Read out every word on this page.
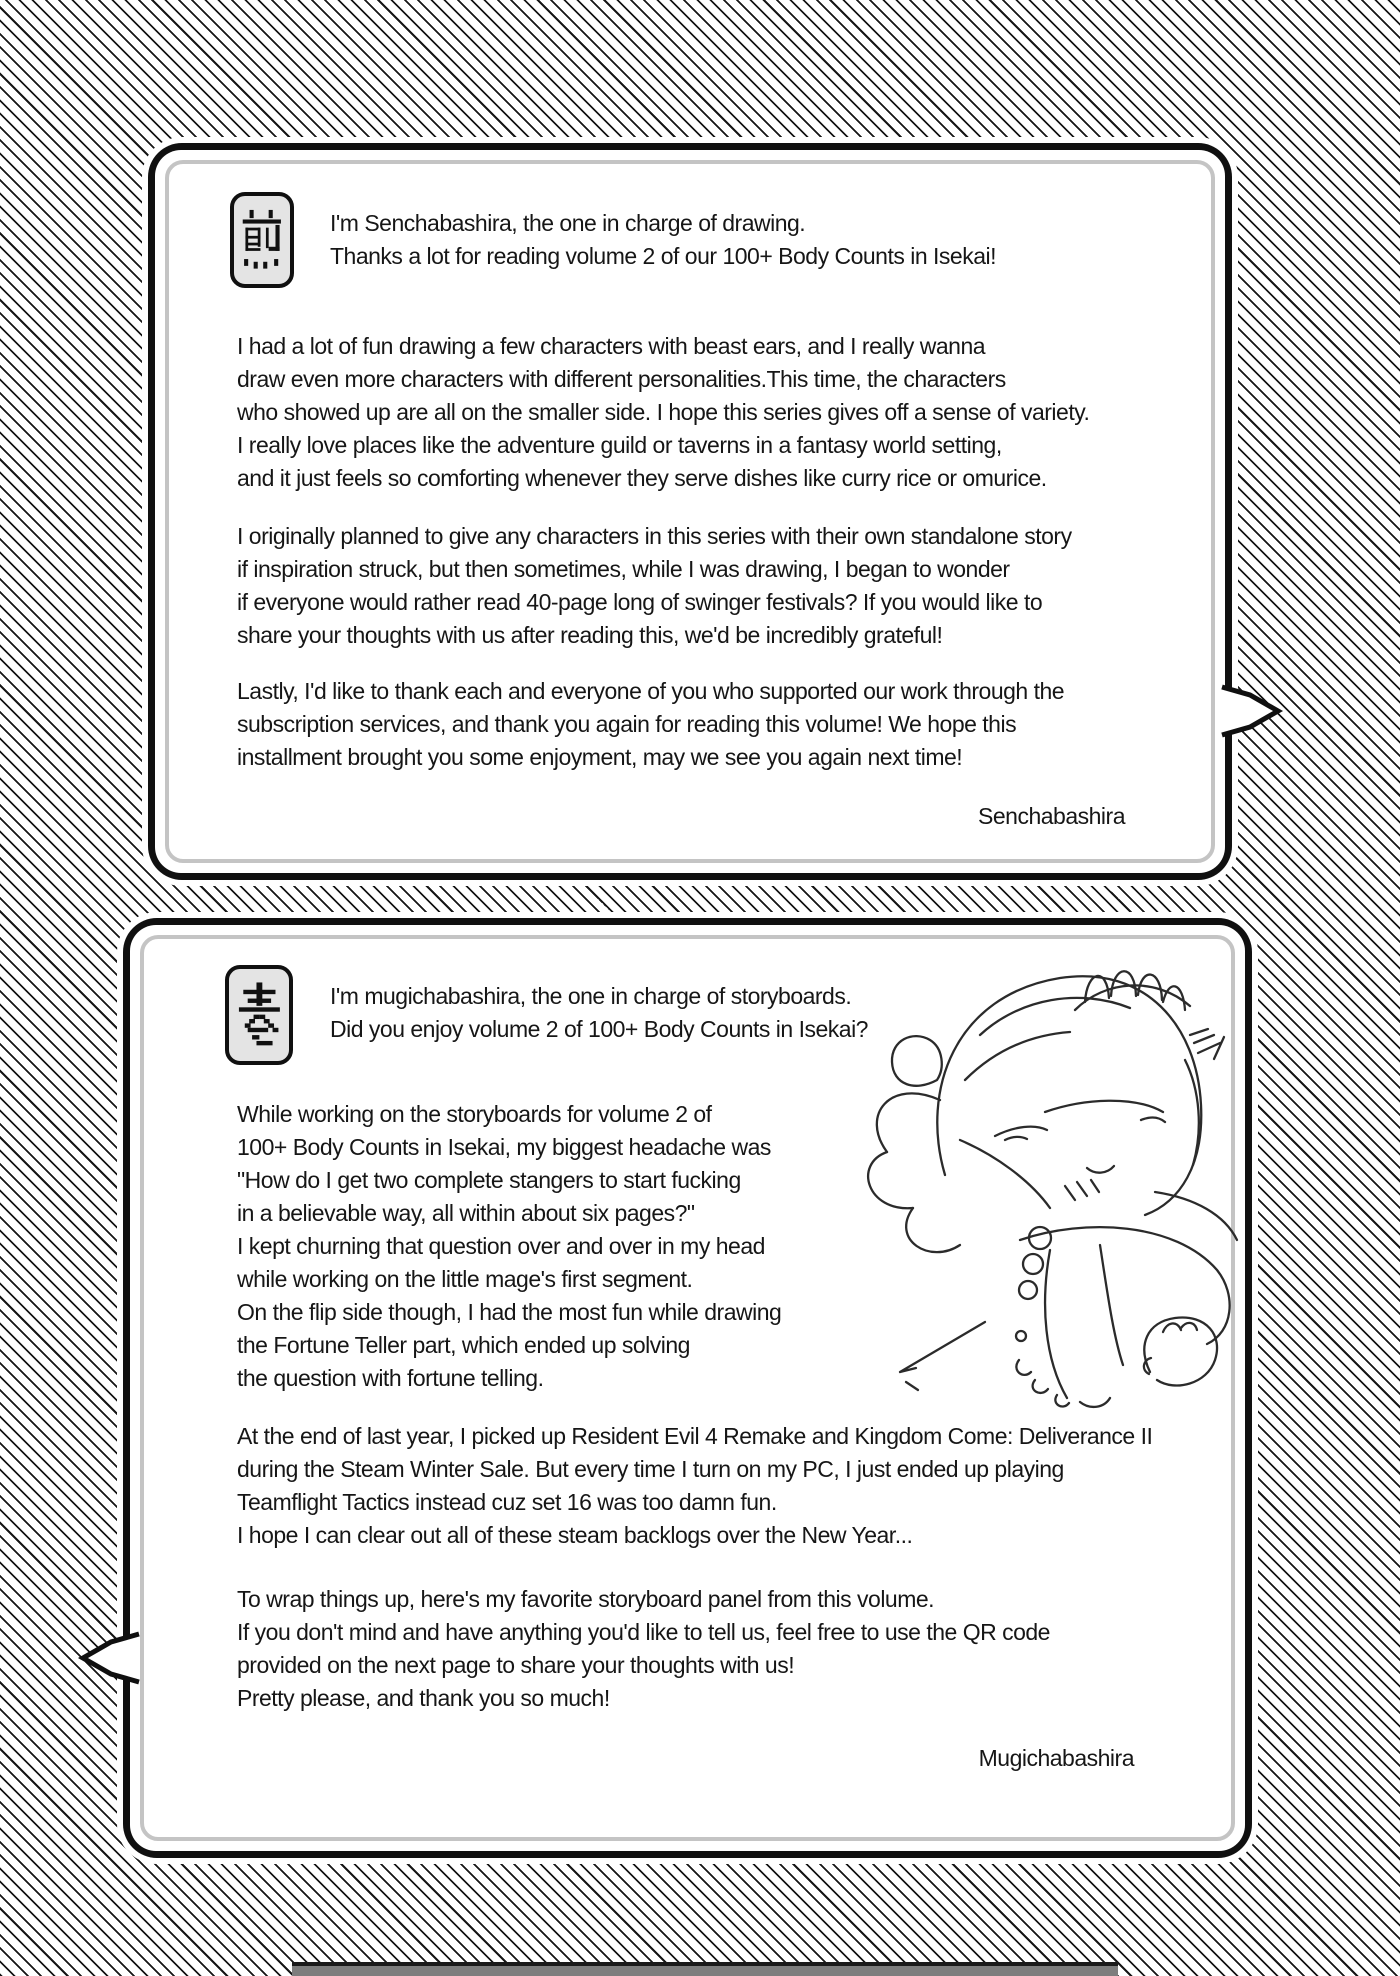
I'm Senchabashira, the one in charge of drawing.
Thanks a lot for reading volume 2 of our 100+ Body Counts in Isekai!
I had a lot of fun drawing a few characters with beast ears, and I really wanna
draw even more characters with different personalities.This time, the characters
who showed up are all on the smaller side. I hope this series gives off a sense of variety.
I really love places like the adventure guild or taverns in a fantasy world setting,
and it just feels so comforting whenever they serve dishes like curry rice or omurice.
I originally planned to give any characters in this series with their own standalone story
if inspiration struck, but then sometimes, while I was drawing, I began to wonder
if everyone would rather read 40-page long of swinger festivals? If you would like to
share your thoughts with us after reading this, we'd be incredibly grateful!
Lastly, I'd like to thank each and everyone of you who supported our work through the
subscription services, and thank you again for reading this volume! We hope this
installment brought you some enjoyment, may we see you again next time!
Senchabashira
I'm mugichabashira, the one in charge of storyboards.
Did you enjoy volume 2 of 100+ Body Counts in Isekai?
While working on the storyboards for volume 2 of
100+ Body Counts in Isekai, my biggest headache was
"How do I get two complete stangers to start fucking
in a believable way, all within about six pages?"
I kept churning that question over and over in my head
while working on the little mage's first segment.
On the flip side though, I had the most fun while drawing
the Fortune Teller part, which ended up solving
the question with fortune telling.
At the end of last year, I picked up Resident Evil 4 Remake and Kingdom Come: Deliverance II
during the Steam Winter Sale. But every time I turn on my PC, I just ended up playing
Teamflight Tactics instead cuz set 16 was too damn fun.
I hope I can clear out all of these steam backlogs over the New Year...
To wrap things up, here's my favorite storyboard panel from this volume.
If you don't mind and have anything you'd like to tell us, feel free to use the QR code
provided on the next page to share your thoughts with us!
Pretty please, and thank you so much!
Mugichabashira
